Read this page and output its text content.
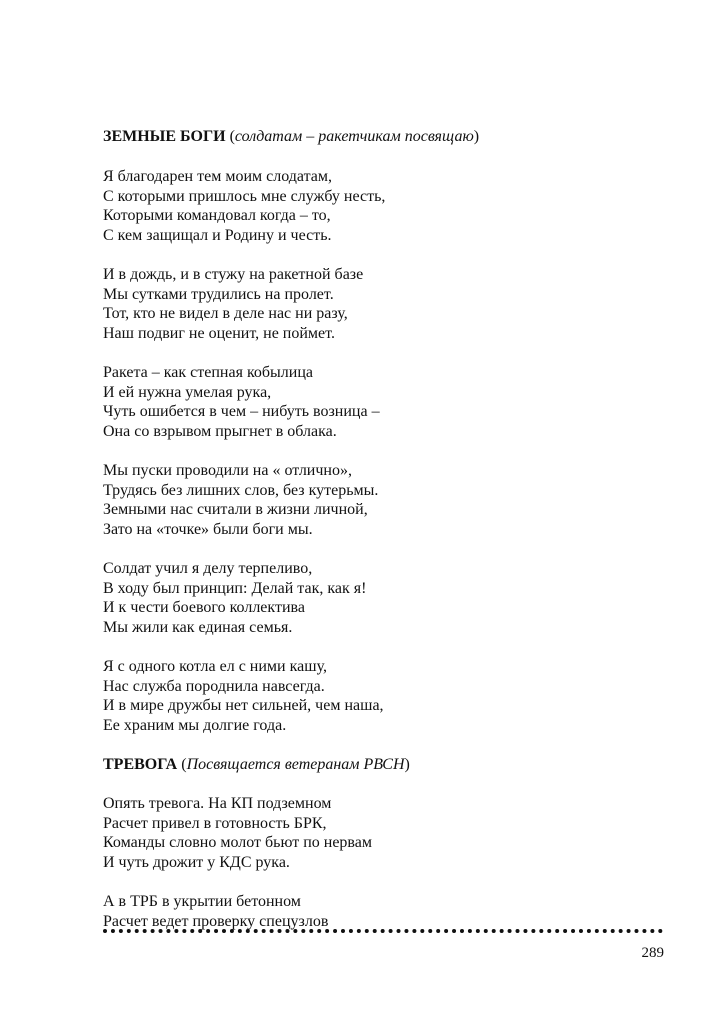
ЗЕМНЫЕ БОГИ (солдатам – ракетчикам посвящаю)
Я благодарен тем моим слодатам,
С которыми пришлось мне службу несть,
Которыми командовал когда – то,
С кем защищал и Родину и честь.
И в дождь, и в стужу на ракетной базе
Мы сутками трудились на пролет.
Тот, кто не видел в деле нас ни разу,
Наш подвиг не оценит, не поймет.
Ракета – как степная кобылица
И ей нужна умелая рука,
Чуть ошибется в чем – нибуть возница –
Она со взрывом прыгнет в облака.
Мы пуски проводили на « отлично»,
Трудясь без лишних слов, без кутерьмы.
Земными нас считали в жизни личной,
Зато на «точке» были боги мы.
Солдат учил я делу терпеливо,
В ходу был принцип: Делай так, как я!
И к чести боевого коллектива
Мы жили как единая семья.
Я с одного котла ел с ними кашу,
Нас служба породнила навсегда.
И в мире дружбы нет сильней, чем наша,
Ее храним мы долгие года.
ТРЕВОГА (Посвящается ветеранам РВСН)
Опять тревога. На КП подземном
Расчет привел в готовность БРК,
Команды словно молот бьют по нервам
И чуть дрожит у КДС рука.
А в ТРБ в укрытии бетонном
Расчет ведет проверку спецузлов
289
